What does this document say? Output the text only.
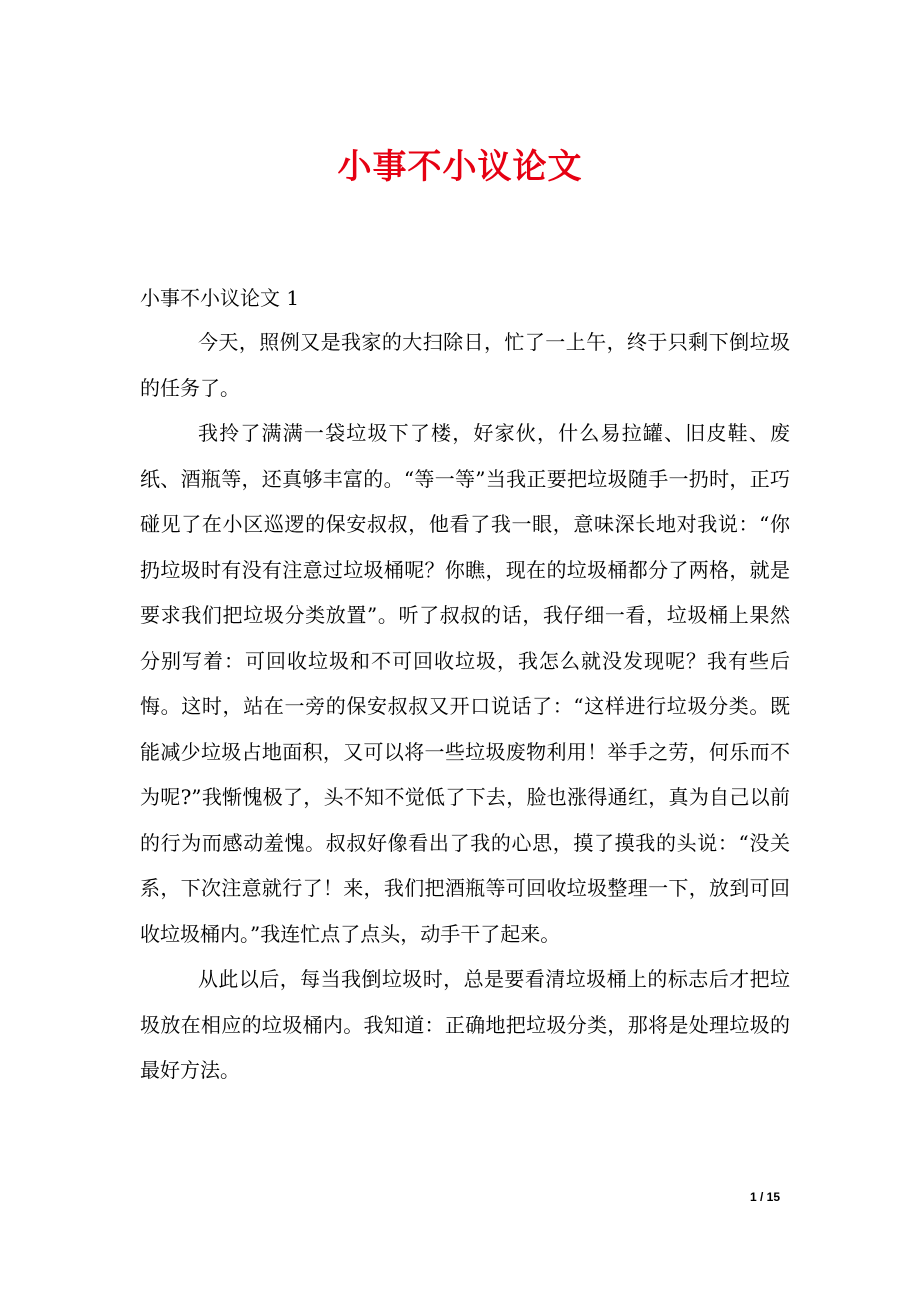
小事不小议论文
小事不小议论文 1

今天，照例又是我家的大扫除日，忙了一上午，终于只剩下倒垃圾的任务了。

我拎了满满一袋垃圾下了楼，好家伙，什么易拉罐、旧皮鞋、废纸、酒瓶等，还真够丰富的。“等一等”当我正要把垃圾随手一扔时，正巧碰见了在小区巡逻的保安叔叔，他看了我一眼，意味深长地对我说：“你扔垃圾时有没有注意过垃圾桶呢？你瞧，现在的垃圾桶都分了两格，就是要求我们把垃圾分类放置”。听了叔叔的话，我仔细一看，垃圾桶上果然分别写着：可回收垃圾和不可回收垃圾，我怎么就没发现呢？我有些后悔。这时，站在一旁的保安叔叔又开口说话了：“这样进行垃圾分类。既能减少垃圾占地面积，又可以将一些垃圾废物利用！举手之劳，何乐而不为呢?”我惭愧极了，头不知不觉低了下去，脸也涨得通红，真为自己以前的行为而感动羞愧。叔叔好像看出了我的心思，摸了摸我的头说：“没关系，下次注意就行了！来，我们把酒瓶等可回收垃圾整理一下，放到可回收垃圾桶内。”我连忙点了点头，动手干了起来。

从此以后，每当我倒垃圾时，总是要看清垃圾桶上的标志后才把垃圾放在相应的垃圾桶内。我知道：正确地把垃圾分类，那将是处理垃圾的最好方法。

1 / 15
